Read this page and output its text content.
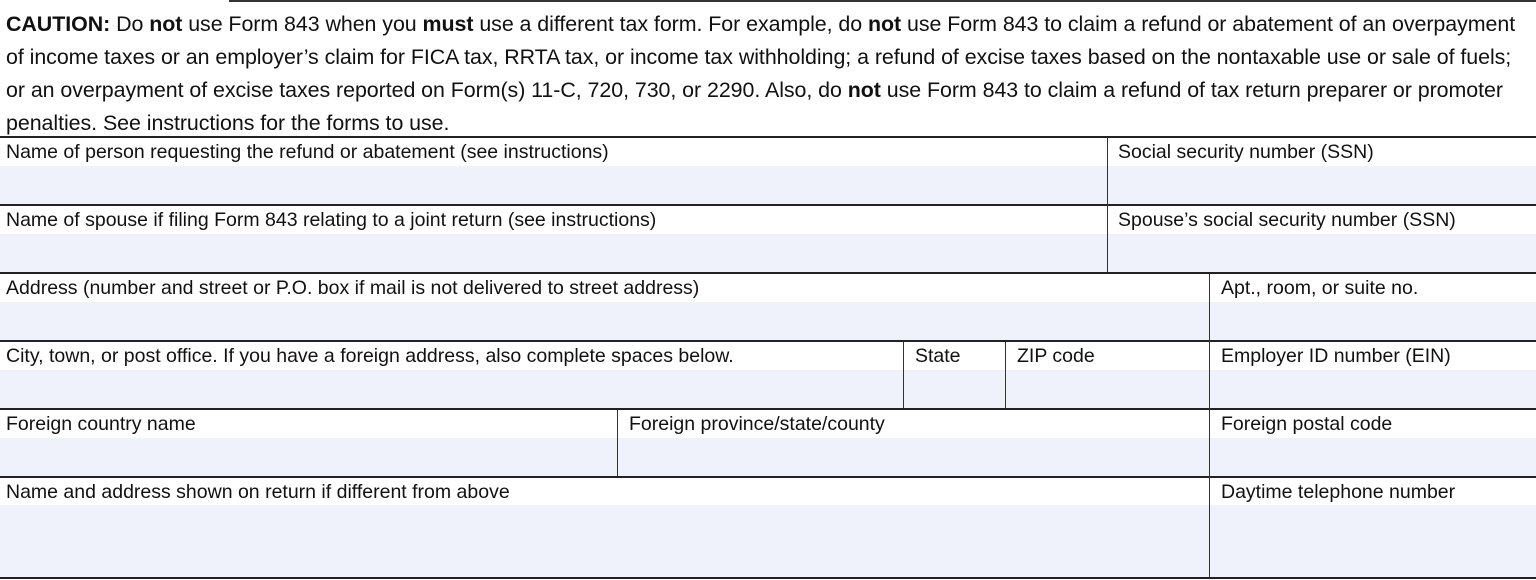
CAUTION: Do not use Form 843 when you must use a different tax form. For example, do not use Form 843 to claim a refund or abatement of an overpayment of income taxes or an employer’s claim for FICA tax, RRTA tax, or income tax withholding; a refund of excise taxes based on the nontaxable use or sale of fuels; or an overpayment of excise taxes reported on Form(s) 11-C, 720, 730, or 2290. Also, do not use Form 843 to claim a refund of tax return preparer or promoter penalties. See instructions for the forms to use.
Name of person requesting the refund or abatement (see instructions)	Social security number (SSN)
Name of spouse if filing Form 843 relating to a joint return (see instructions)	Spouse’s social security number (SSN)
Address (number and street or P.O. box if mail is not delivered to street address)	Apt., room, or suite no.
City, town, or post office. If you have a foreign address, also complete spaces below.	State	ZIP code	Employer ID number (EIN)
Foreign country name	Foreign province/state/county	Foreign postal code
Name and address shown on return if different from above	Daytime telephone number
